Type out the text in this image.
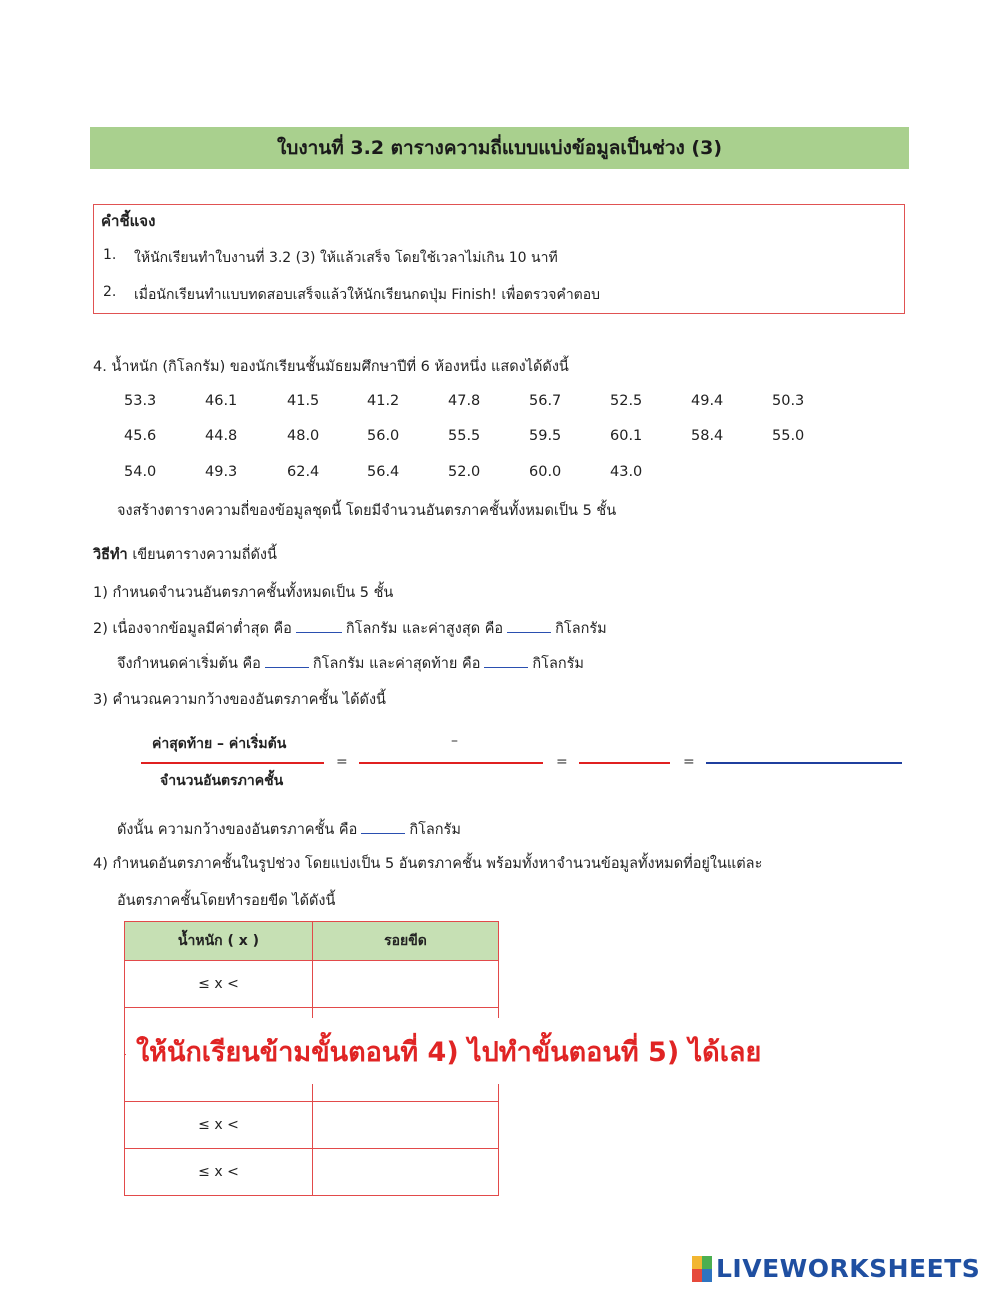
ใบงานที่ 3.2 ตารางความถี่แบบแบ่งข้อมูลเป็นช่วง (3)
คำชี้แจง
1. ให้นักเรียนทำใบงานที่ 3.2 (3) ให้แล้วเสร็จ โดยใช้เวลาไม่เกิน 10 นาที
2. เมื่อนักเรียนทำแบบทดสอบเสร็จแล้วให้นักเรียนกดปุ่ม Finish! เพื่อตรวจคำตอบ
4. น้ำหนัก (กิโลกรัม) ของนักเรียนชั้นมัธยมศึกษาปีที่ 6 ห้องหนึ่ง แสดงได้ดังนี้
53.3	46.1	41.5	41.2	47.8	56.7	52.5	49.4	50.3
45.6	44.8	48.0	56.0	55.5	59.5	60.1	58.4	55.0
54.0	49.3	62.4	56.4	52.0	60.0	43.0
จงสร้างตารางความถี่ของข้อมูลชุดนี้ โดยมีจำนวนอันตรภาคชั้นทั้งหมดเป็น 5 ชั้น
วิธีทำ เขียนตารางความถี่ดังนี้
1) กำหนดจำนวนอันตรภาคชั้นทั้งหมดเป็น 5 ชั้น
2) เนื่องจากข้อมูลมีค่าต่ำสุด คือ	กิโลกรัม และค่าสูงสุด คือ	กิโลกรัม
จึงกำหนดค่าเริ่มต้น คือ	กิโลกรัม และค่าสุดท้าย คือ	กิโลกรัม
3) คำนวณความกว้างของอันตรภาคชั้น ได้ดังนี้
ค่าสุดท้าย – ค่าเริ่มต้น
จำนวนอันตรภาคชั้น
=
–
=	=
ดังนั้น ความกว้างของอันตรภาคชั้น คือ	กิโลกรัม
4) กำหนดอันตรภาคชั้นในรูปช่วง โดยแบ่งเป็น 5 อันตรภาคชั้น พร้อมทั้งหาจำนวนข้อมูลทั้งหมดที่อยู่ในแต่ละ
อันตรภาคชั้นโดยทำรอยขีด ได้ดังนี้
น้ำหนัก ( x )	รอยขีด
≤ x <	

≤ x <	
≤ x <	
ให้นักเรียนข้ามขั้นตอนที่ 4) ไปทำขั้นตอนที่ 5) ได้เลย
LIVEWORKSHEETS
